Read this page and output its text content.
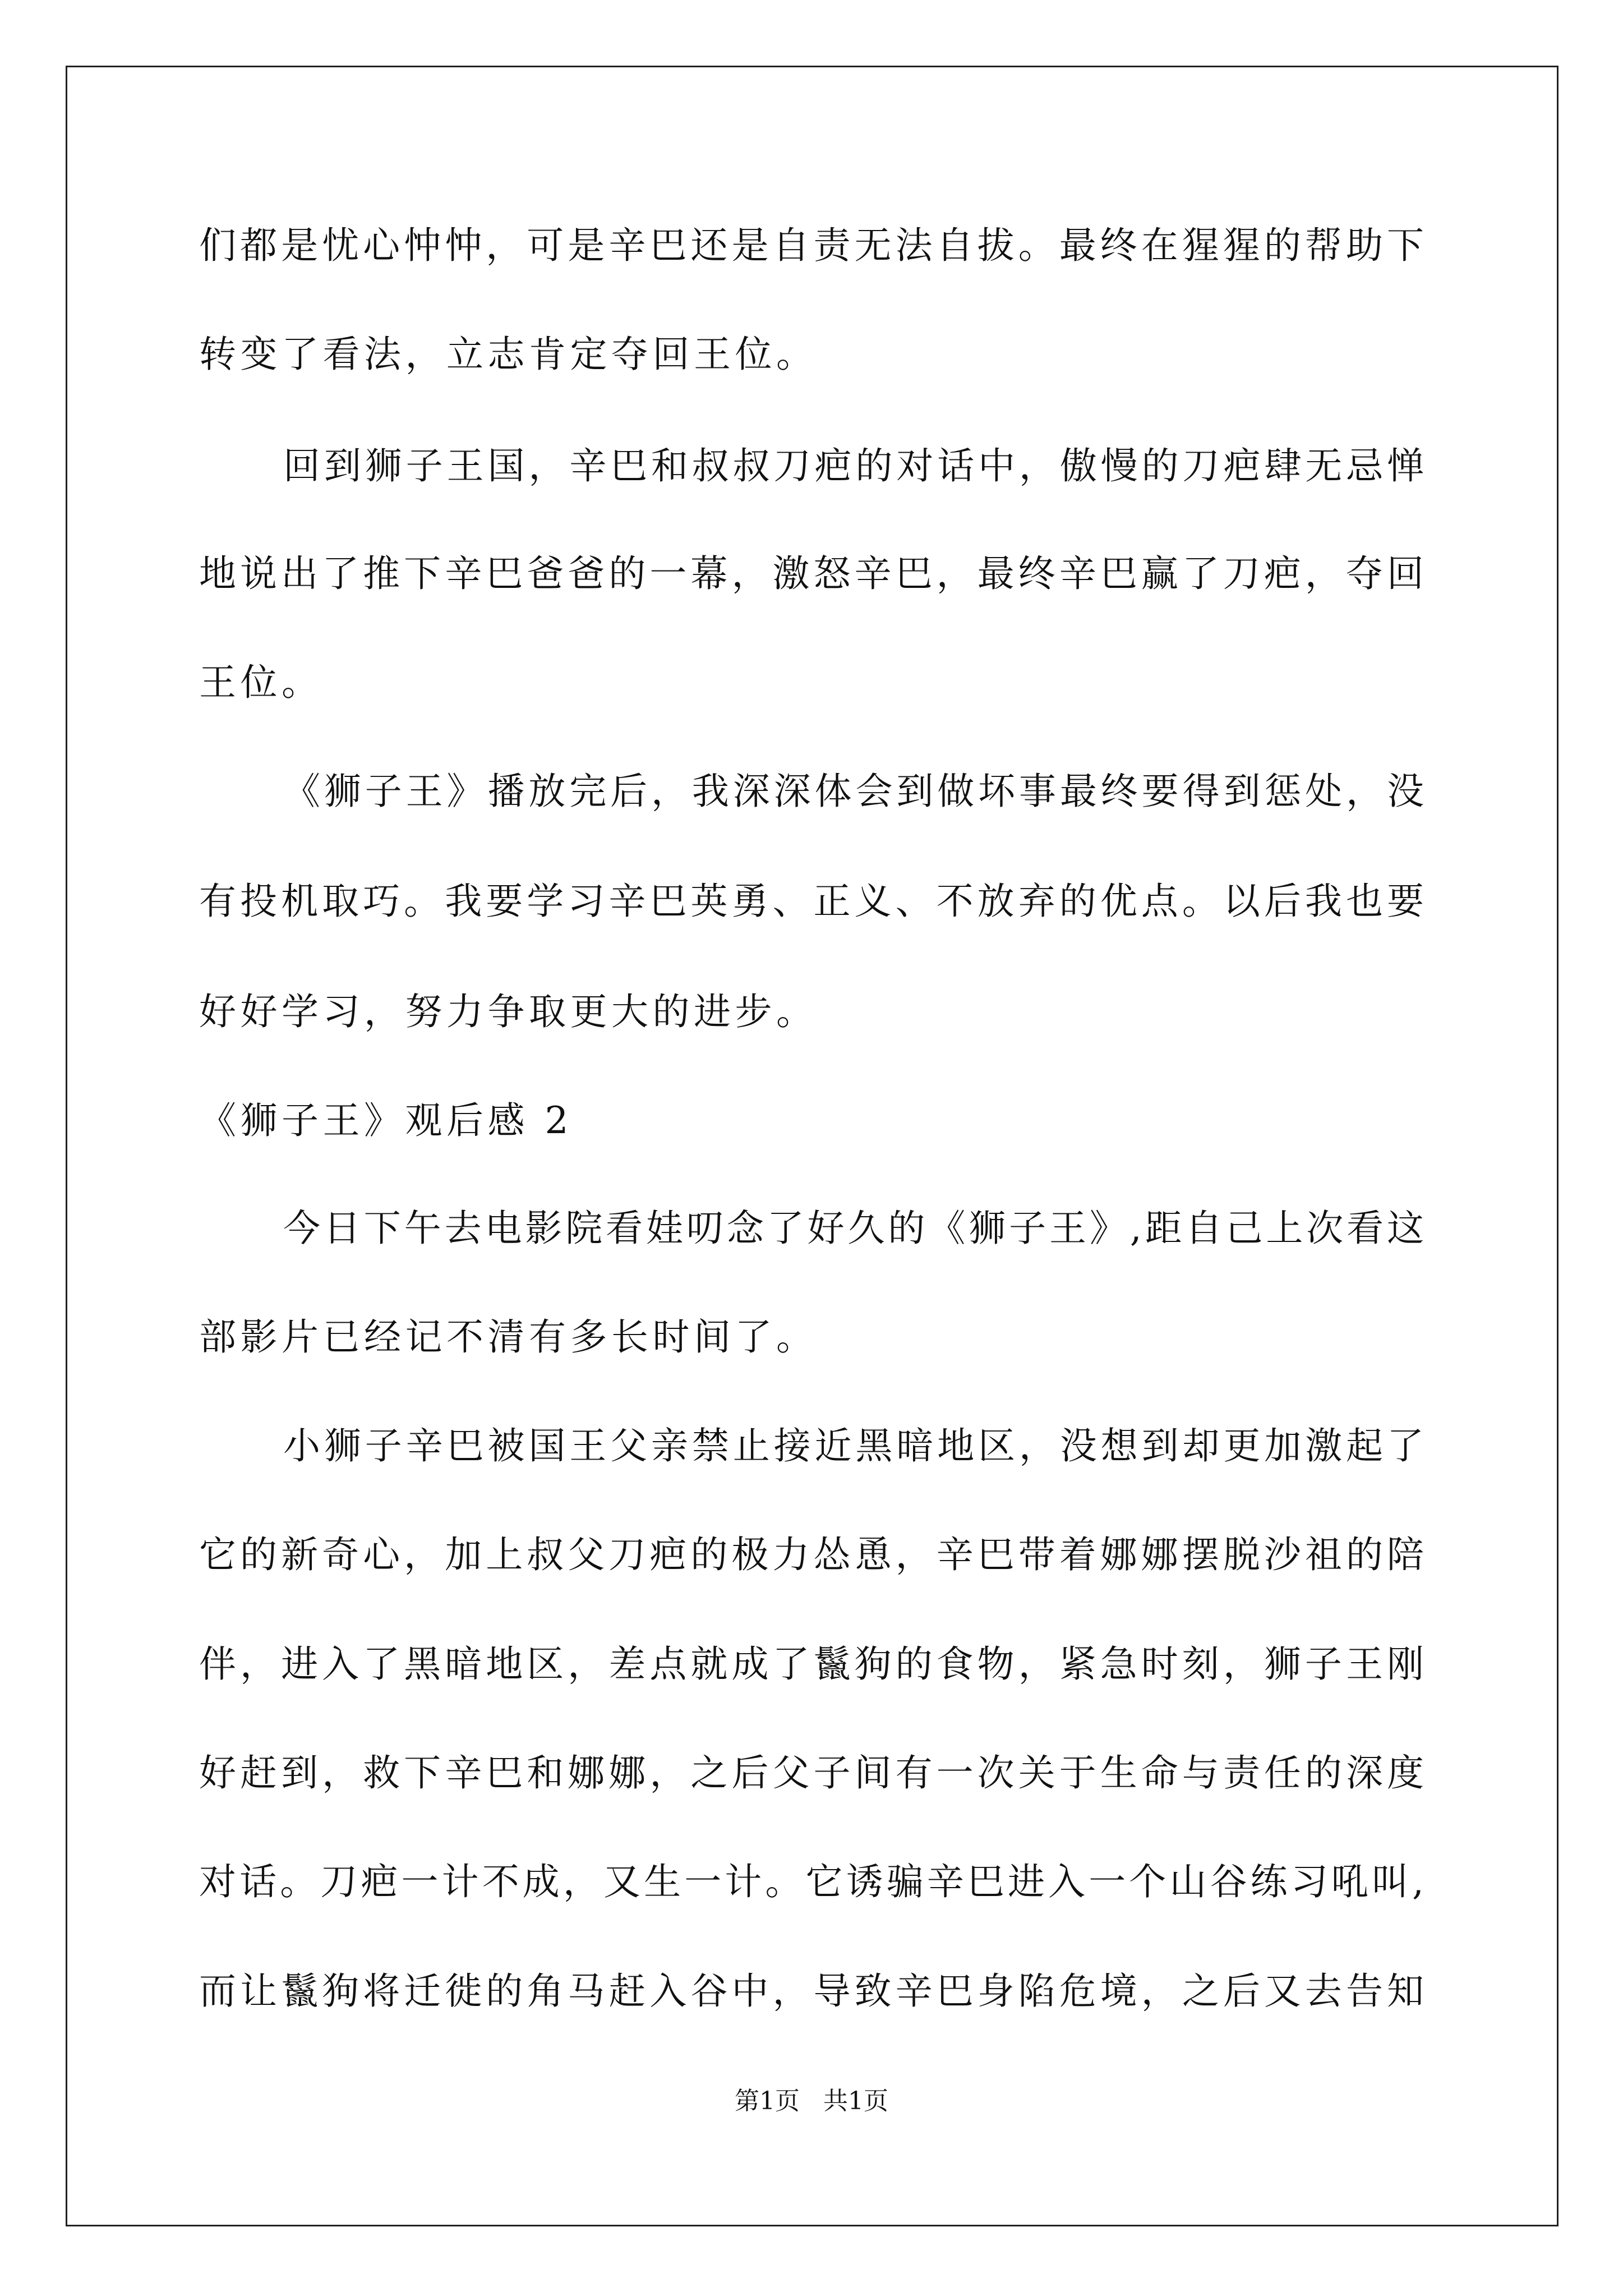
们都是忧心忡忡，可是辛巴还是自责无法自拔。最终在猩猩的帮助下
转变了看法，立志肯定夺回王位。
回到狮子王国，辛巴和叔叔刀疤的对话中，傲慢的刀疤肆无忌惮
地说出了推下辛巴爸爸的一幕，激怒辛巴，最终辛巴赢了刀疤，夺回
王位。
《狮子王》播放完后，我深深体会到做坏事最终要得到惩处，没
有投机取巧。我要学习辛巴英勇、正义、不放弃的优点。以后我也要
好好学习，努力争取更大的进步。
《狮子王》观后感 2
今日下午去电影院看娃叨念了好久的《狮子王》,距自己上次看这
部影片已经记不清有多长时间了。
小狮子辛巴被国王父亲禁止接近黑暗地区，没想到却更加激起了
它的新奇心，加上叔父刀疤的极力怂恿，辛巴带着娜娜摆脱沙祖的陪
伴，进入了黑暗地区，差点就成了鬣狗的食物，紧急时刻，狮子王刚
好赶到，救下辛巴和娜娜，之后父子间有一次关于生命与责任的深度
对话。刀疤一计不成，又生一计。它诱骗辛巴进入一个山谷练习吼叫,
而让鬣狗将迁徙的角马赶入谷中，导致辛巴身陷危境，之后又去告知
第1页   共1页
